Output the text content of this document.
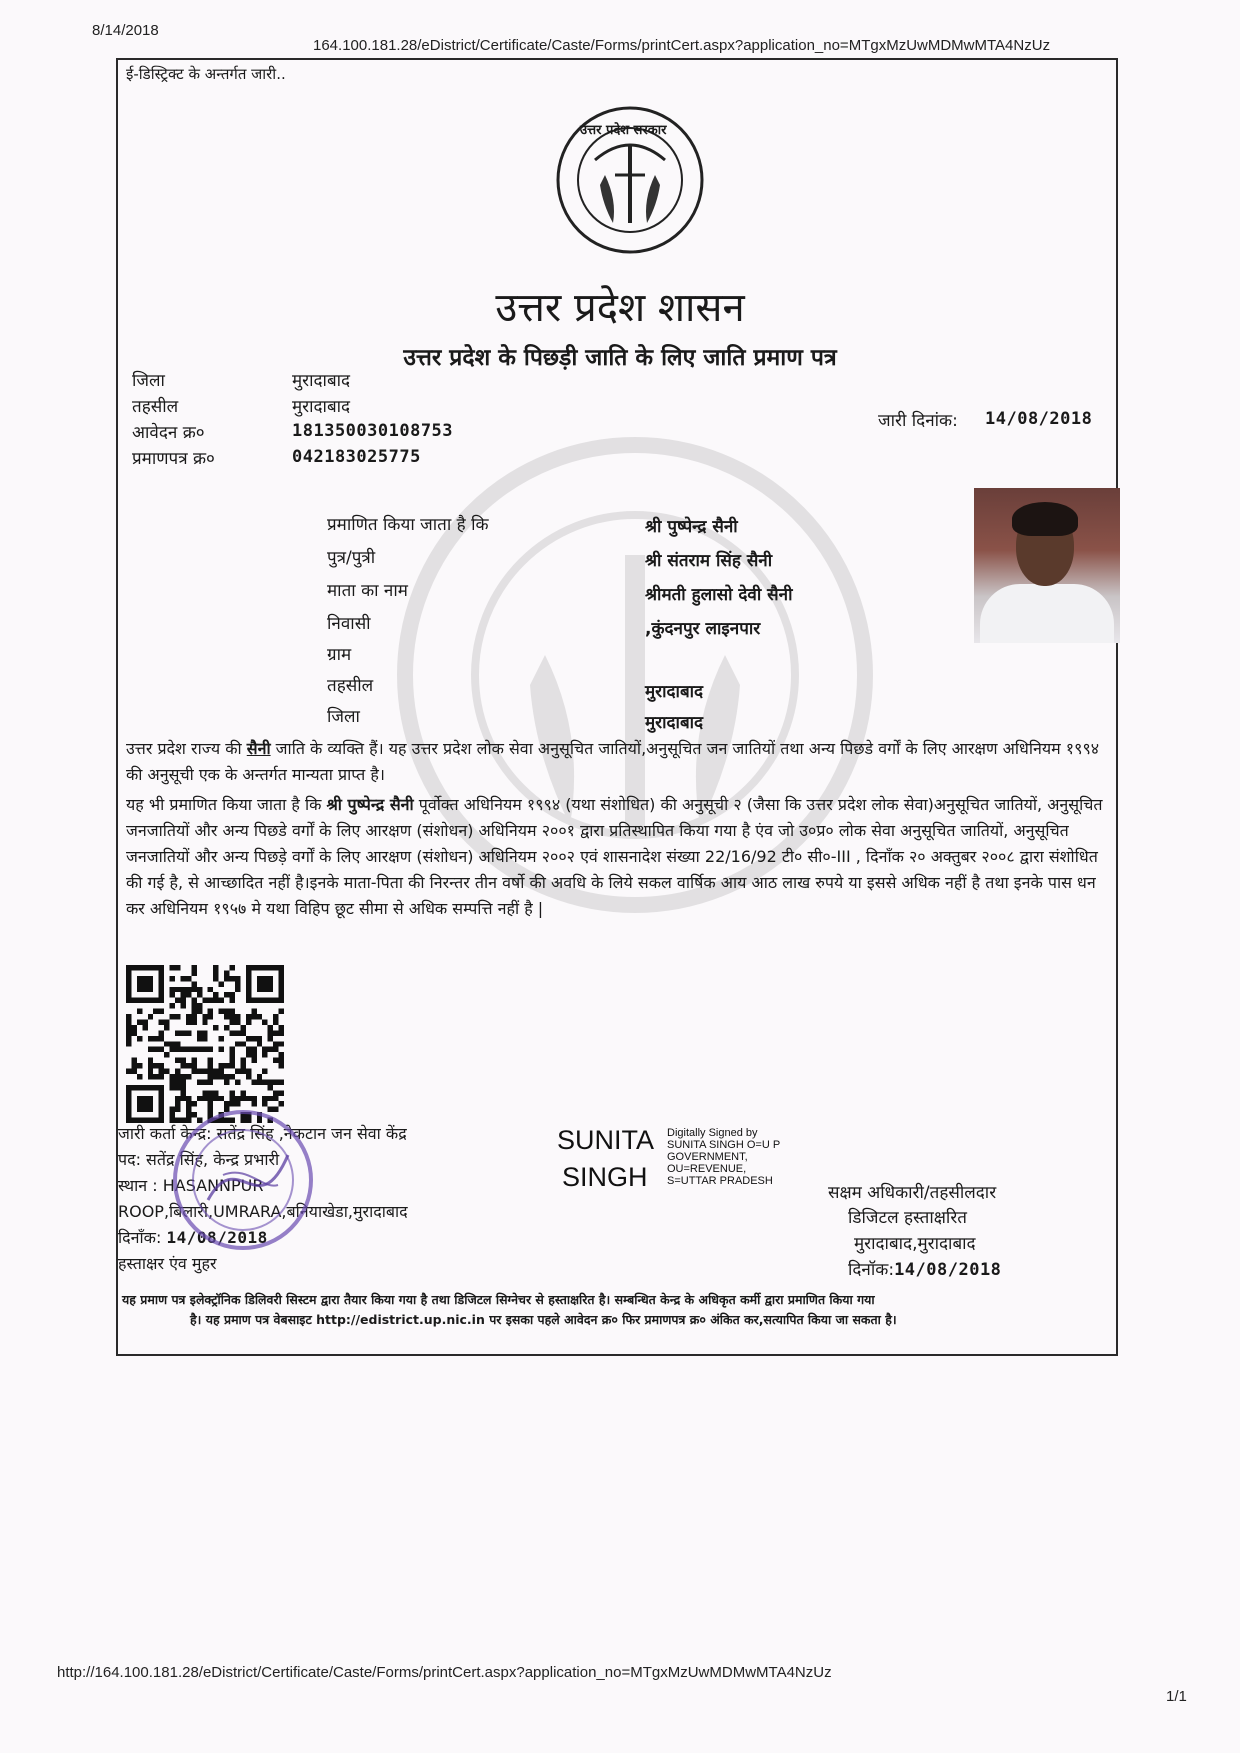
8/14/2018
164.100.181.28/eDistrict/Certificate/Caste/Forms/printCert.aspx?application_no=MTgxMzUwMDMwMTA4NzUz
ई-डिस्ट्रिक्ट के अन्तर्गत जारी..
उत्तर प्रदेश सरकार
उत्तर प्रदेश शासन
उत्तर प्रदेश के पिछड़ी जाति के लिए जाति प्रमाण पत्र
जिला	मुरादाबाद
तहसील	मुरादाबाद
आवेदन क्र०	181350030108753
प्रमाणपत्र क्र०	042183025775
जारी दिनांक: 14/08/2018
प्रमाणित किया जाता है कि	श्री पुष्पेन्द्र सैनी
पुत्र/पुत्री	श्री संतराम सिंह सैनी
माता का नाम	श्रीमती हुलासो देवी सैनी
निवासी	,कुंदनपुर लाइनपार
ग्राम
तहसील	मुरादाबाद
जिला	मुरादाबाद
उत्तर प्रदेश राज्य की सैनी जाति के व्यक्ति हैं। यह उत्तर प्रदेश लोक सेवा अनुसूचित जातियों,अनुसूचित जन जातियों तथा अन्य पिछडे वर्गों के लिए आरक्षण अधिनियम १९९४ की अनुसूची एक के अन्तर्गत मान्यता प्राप्त है।
यह भी प्रमाणित किया जाता है कि श्री पुष्पेन्द्र सैनी पूर्वोक्त अधिनियम १९९४ (यथा संशोधित) की अनुसूची २ (जैसा कि उत्तर प्रदेश लोक सेवा)अनुसूचित जातियों, अनुसूचित जनजातियों और अन्य पिछडे वर्गों के लिए आरक्षण (संशोधन) अधिनियम २००१ द्वारा प्रतिस्थापित किया गया है एंव जो उ०प्र० लोक सेवा अनुसूचित जातियों, अनुसूचित जनजातियों और अन्य पिछड़े वर्गों के लिए आरक्षण (संशोधन) अधिनियम २००२ एवं शासनादेश संख्या 22/16/92 टी० सी०-III , दिनाँक २० अक्तुबर २००८ द्वारा संशोधित की गई है, से आच्छादित नहीं है।इनके माता-पिता की निरन्तर तीन वर्षो की अवधि के लिये सकल वार्षिक आय आठ लाख रुपये या इससे अधिक नहीं है तथा इनके पास धन कर अधिनियम १९५७ मे यथा विहिप छूट सीमा से अधिक सम्पत्ति नहीं है |
जारी कर्ता केन्द्र: सतेंद्र सिंह ,नेकटान जन सेवा केंद्र
पद: सतेंद्र सिंह, केन्द्र प्रभारी
स्थान : HASANNPUR
ROOP,बिलारी,UMRARA,बनियाखेडा,मुरादाबाद
दिनाँक: 14/08/2018
हस्ताक्षर एंव मुहर
SUNITA
SINGH
Digitally Signed by
SUNITA SINGH O=U P
GOVERNMENT,
OU=REVENUE,
S=UTTAR PRADESH
सक्षम अधिकारी/तहसीलदार
डिजिटल हस्ताक्षरित
मुरादाबाद,मुरादाबाद
दिनॉक:14/08/2018
यह प्रमाण पत्र इलेक्ट्रॉनिक डिलिवरी सिस्टम द्वारा तैयार किया गया है तथा डिजिटल सिग्नेचर से हस्ताक्षरित है। सम्बन्धित केन्द्र के अधिकृत कर्मी द्वारा प्रमाणित किया गया
है। यह प्रमाण पत्र वेबसाइट http://edistrict.up.nic.in पर इसका पहले आवेदन क्र० फिर प्रमाणपत्र क्र० अंकित कर,सत्यापित किया जा सकता है।
http://164.100.181.28/eDistrict/Certificate/Caste/Forms/printCert.aspx?application_no=MTgxMzUwMDMwMTA4NzUz
1/1
